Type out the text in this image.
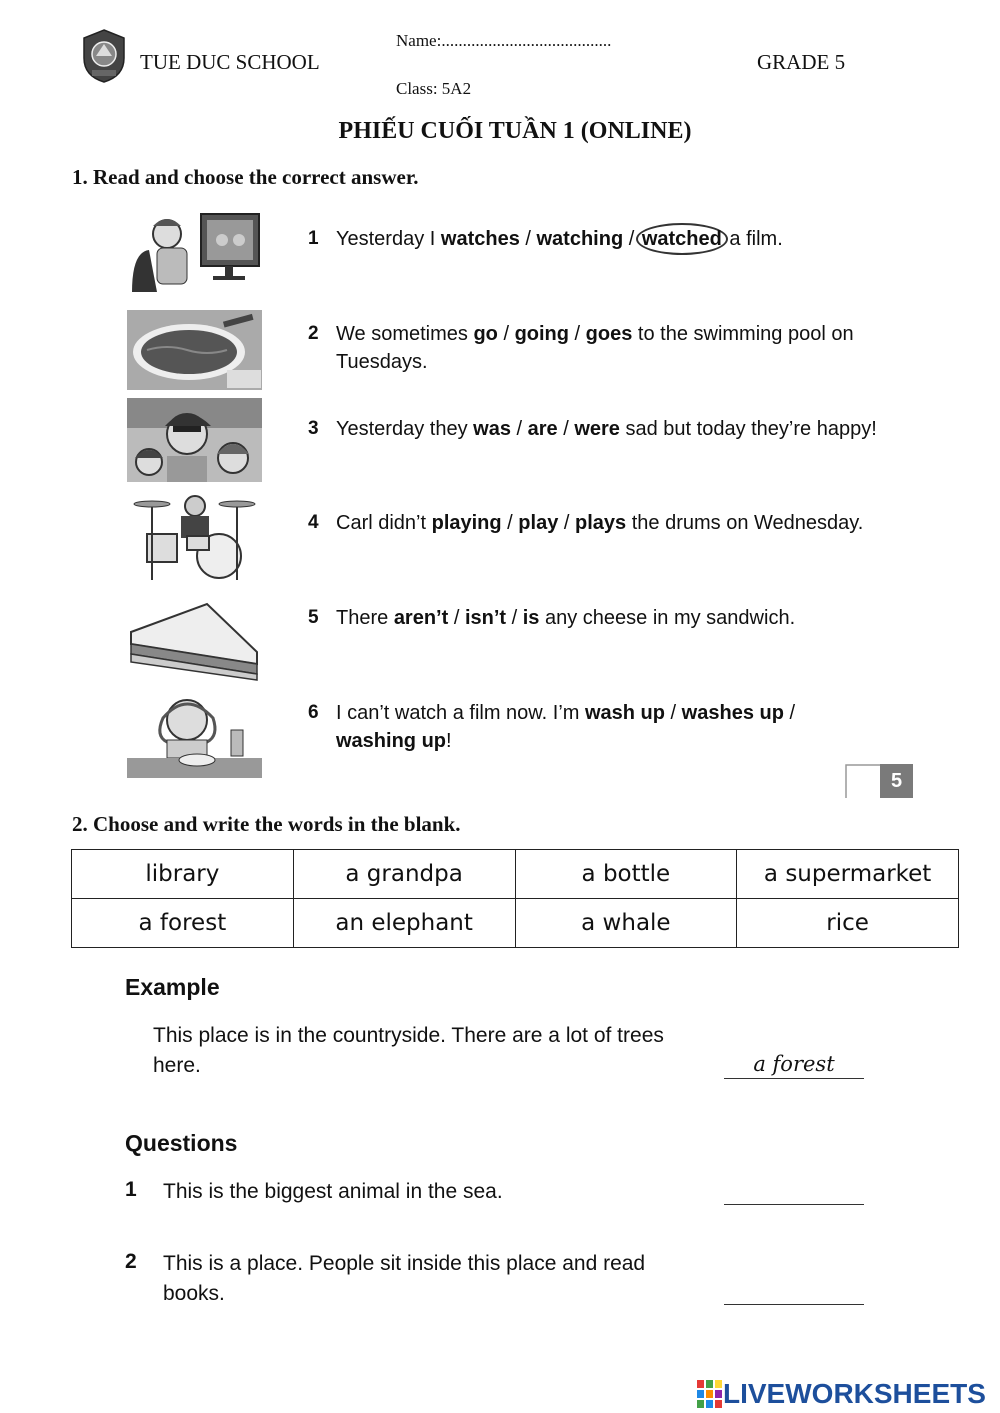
TUE DUC SCHOOL
Name:........................................
Class: 5A2
GRADE 5
PHIẾU CUỐI TUẦN 1 (ONLINE)
1. Read and choose the correct answer.
1 Yesterday I watches / watching / watched a film.
2 We sometimes go / going / goes to the swimming pool on Tuesdays.
3 Yesterday they was / are / were sad but today they’re happy!
4 Carl didn’t playing / play / plays the drums on Wednesday.
5 There aren’t / isn’t / is any cheese in my sandwich.
6 I can’t watch a film now. I’m wash up / washes up / washing up!
5
2. Choose and write the words in the blank.
library	a grandpa	a bottle	a supermarket
a forest	an elephant	a whale	rice
Example
This place is in the countryside. There are a lot of trees here.	a forest
Questions
1 This is the biggest animal in the sea.
2 This is a place. People sit inside this place and read books.
LIVEWORKSHEETS
